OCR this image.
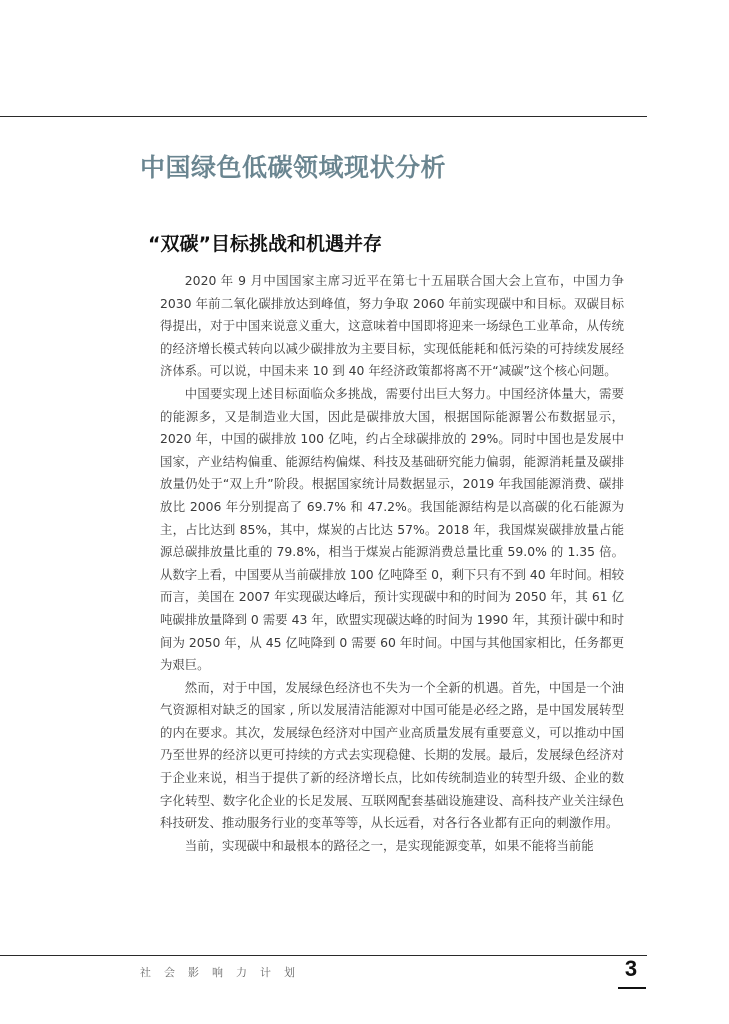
中国绿色低碳领域现状分析
“双碳”目标挑战和机遇并存

2020 年 9 月中国国家主席习近平在第七十五届联合国大会上宣布，中国力争 2030 年前二氧化碳排放达到峰值，努力争取 2060 年前实现碳中和目标。双碳目标得提出，对于中国来说意义重大，这意味着中国即将迎来一场绿色工业革命，从传统的经济增长模式转向以减少碳排放为主要目标，实现低能耗和低污染的可持续发展经济体系。可以说，中国未来 10 到 40 年经济政策都将离不开“减碳”这个核心问题。

中国要实现上述目标面临众多挑战，需要付出巨大努力。中国经济体量大，需要的能源多，又是制造业大国，因此是碳排放大国，根据国际能源署公布数据显示，2020 年，中国的碳排放 100 亿吨，约占全球碳排放的 29%。同时中国也是发展中国家，产业结构偏重、能源结构偏煤、科技及基础研究能力偏弱，能源消耗量及碳排放量仍处于“双上升”阶段。根据国家统计局数据显示，2019 年我国能源消费、碳排放比 2006 年分别提高了 69.7% 和 47.2%。我国能源结构是以高碳的化石能源为主，占比达到 85%，其中，煤炭的占比达 57%。2018 年，我国煤炭碳排放量占能源总碳排放量比重的 79.8%，相当于煤炭占能源消费总量比重 59.0% 的 1.35 倍。从数字上看，中国要从当前碳排放 100 亿吨降至 0，剩下只有不到 40 年时间。相较而言，美国在 2007 年实现碳达峰后，预计实现碳中和的时间为 2050 年，其 61 亿吨碳排放量降到 0 需要 43 年，欧盟实现碳达峰的时间为 1990 年，其预计碳中和时间为 2050 年，从 45 亿吨降到 0 需要 60 年时间。中国与其他国家相比，任务都更为艰巨。

然而，对于中国，发展绿色经济也不失为一个全新的机遇。首先，中国是一个油气资源相对缺乏的国家 , 所以发展清洁能源对中国可能是必经之路，是中国发展转型的内在要求。其次，发展绿色经济对中国产业高质量发展有重要意义，可以推动中国乃至世界的经济以更可持续的方式去实现稳健、长期的发展。最后，发展绿色经济对于企业来说，相当于提供了新的经济增长点，比如传统制造业的转型升级、企业的数字化转型、数字化企业的长足发展、互联网配套基础设施建设、高科技产业关注绿色科技研发、推动服务行业的变革等等，从长远看，对各行各业都有正向的刺激作用。

当前，实现碳中和最根本的路径之一，是实现能源变革，如果不能将当前能

社会影响力计划	3
